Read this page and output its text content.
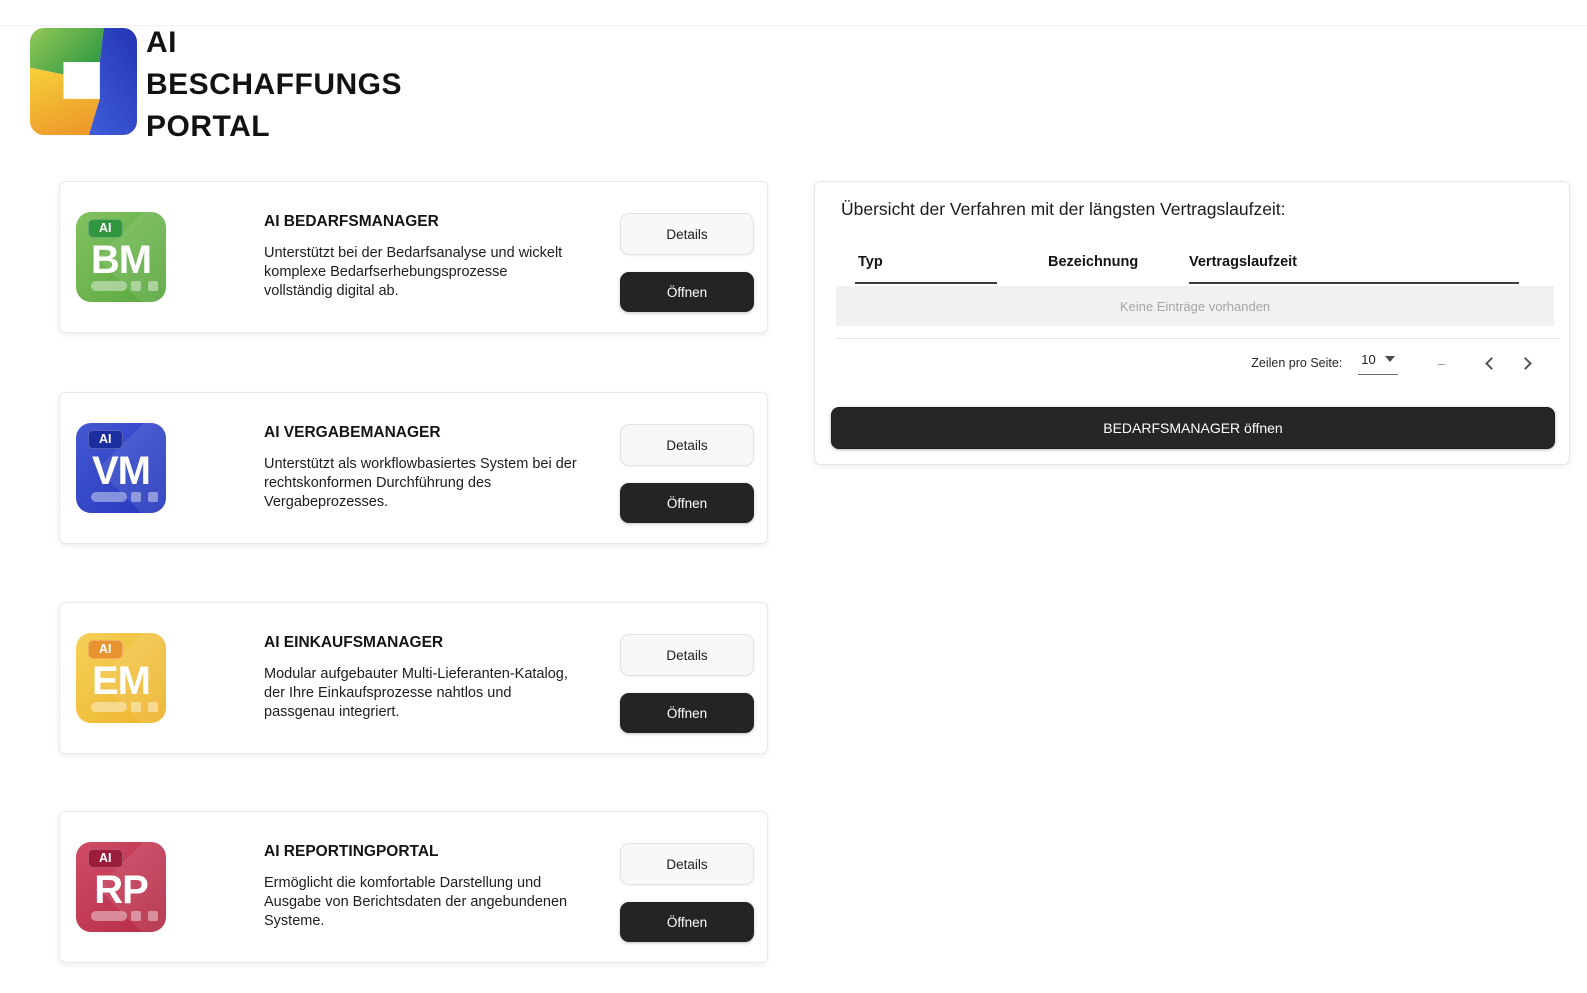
AI
BESCHAFFUNGS
PORTAL
AI
BM
AI BEDARFSMANAGER
Unterstützt bei der Bedarfsanalyse und wickelt komplexe Bedarfserhebungsprozesse vollständig digital ab.
Details
Öffnen
AI
VM
AI VERGABEMANAGER
Unterstützt als workflowbasiertes System bei der rechtskonformen Durchführung des Vergabeprozesses.
Details
Öffnen
AI
EM
AI EINKAUFSMANAGER
Modular aufgebauter Multi-Lieferanten-Katalog, der Ihre Einkaufsprozesse nahtlos und passgenau integriert.
Details
Öffnen
AI
RP
AI REPORTINGPORTAL
Ermöglicht die komfortable Darstellung und Ausgabe von Berichtsdaten der angebundenen Systeme.
Details
Öffnen
Übersicht der Verfahren mit der längsten Vertragslaufzeit:
Typ	Bezeichnung	Vertragslaufzeit
Keine Einträge vorhanden
Zeilen pro Seite: 10	–
BEDARFSMANAGER öffnen
